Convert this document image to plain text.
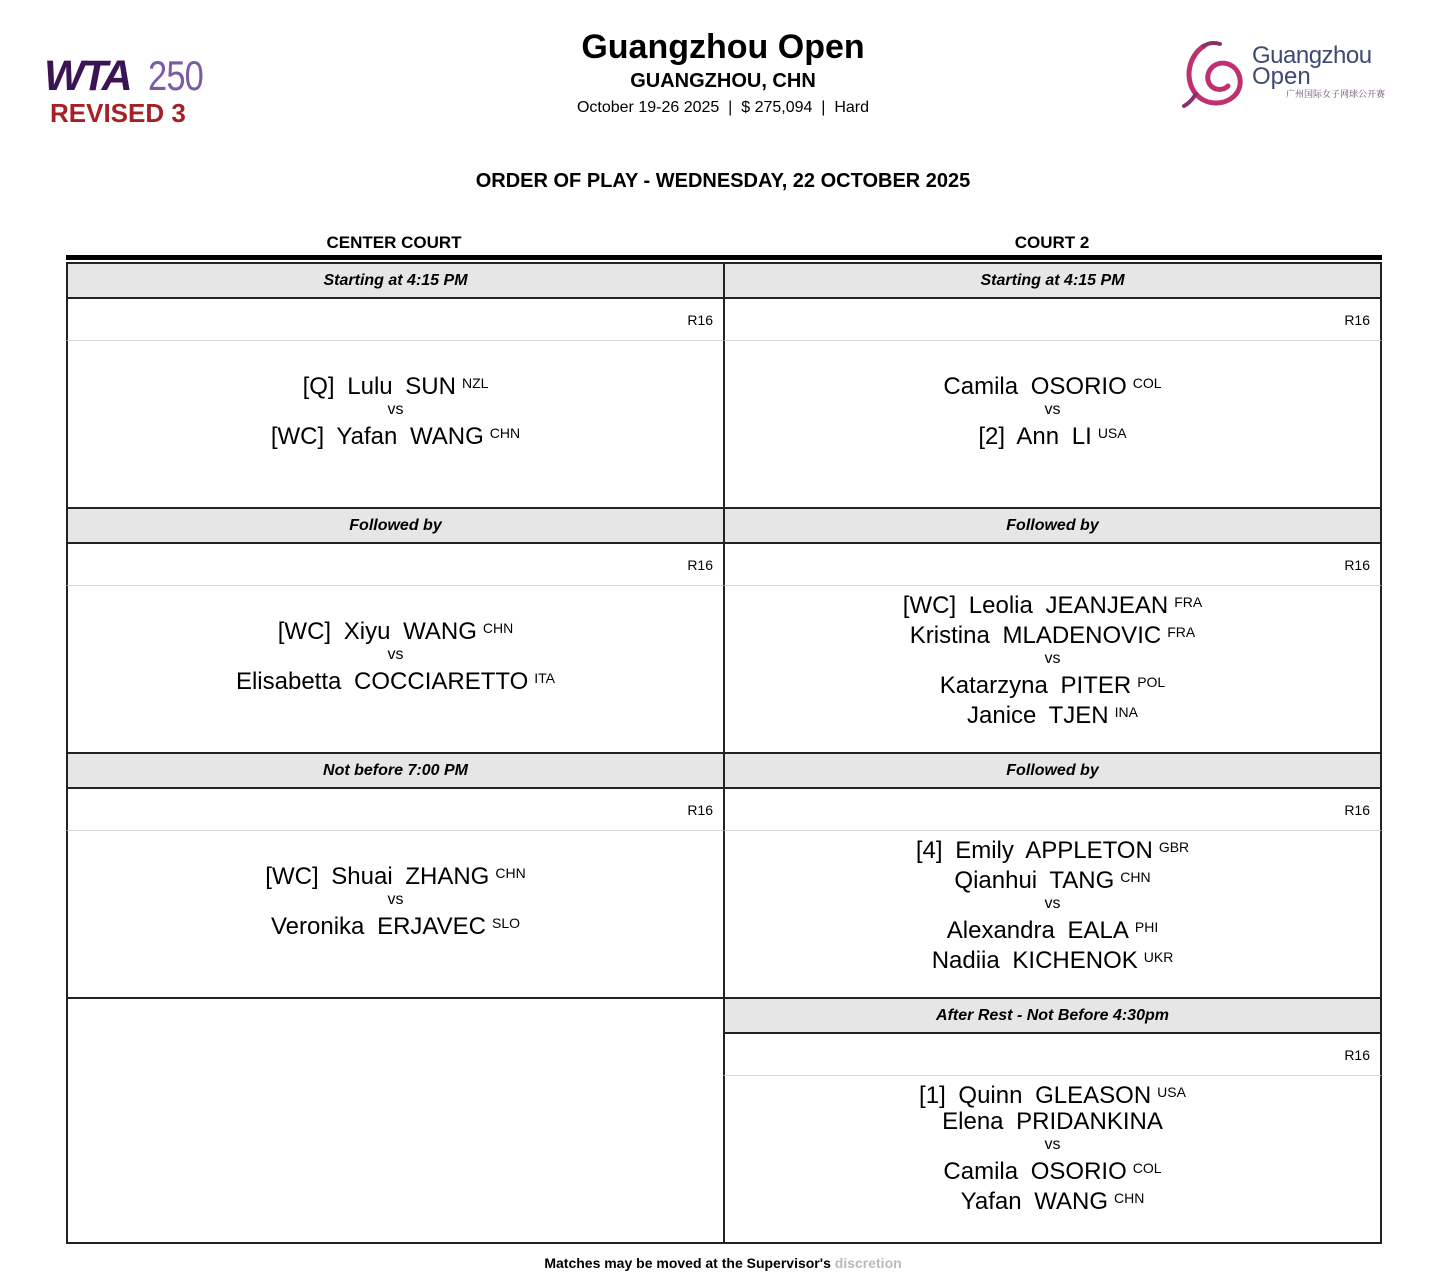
WTA 250
REVISED 3
Guangzhou Open
GUANGZHOU, CHN
October 19-26 2025  |  $ 275,094  |  Hard
Guangzhou
Open
广州国际女子网球公开赛
ORDER OF PLAY - WEDNESDAY, 22 OCTOBER 2025
CENTER COURT	COURT 2
Starting at 4:15 PM
R16
[Q] Lulu SUN $^{NZL}$
vs
[WC] Yafan WANG $^{CHN}$
Followed by
R16
[WC] Xiyu WANG $^{CHN}$
vs
Elisabetta COCCIARETTO $^{ITA}$
Not before 7:00 PM
R16
[WC] Shuai ZHANG $^{CHN}$
vs
Veronika ERJAVEC $^{SLO}$
Starting at 4:15 PM
R16
Camila OSORIO $^{COL}$
vs
[2] Ann LI $^{USA}$
Followed by
R16
[WC] Leolia JEANJEAN $^{FRA}$
Kristina MLADENOVIC $^{FRA}$
vs
Katarzyna PITER $^{POL}$
Janice TJEN $^{INA}$
Followed by
R16
[4] Emily APPLETON $^{GBR}$
Qianhui TANG $^{CHN}$
vs
Alexandra EALA $^{PHI}$
Nadiia KICHENOK $^{UKR}$
After Rest - Not Before 4:30pm
R16
[1] Quinn GLEASON $^{USA}$
Elena PRIDANKINA
vs
Camila OSORIO $^{COL}$
Yafan WANG $^{CHN}$
Matches may be moved at the Supervisor's discretion
